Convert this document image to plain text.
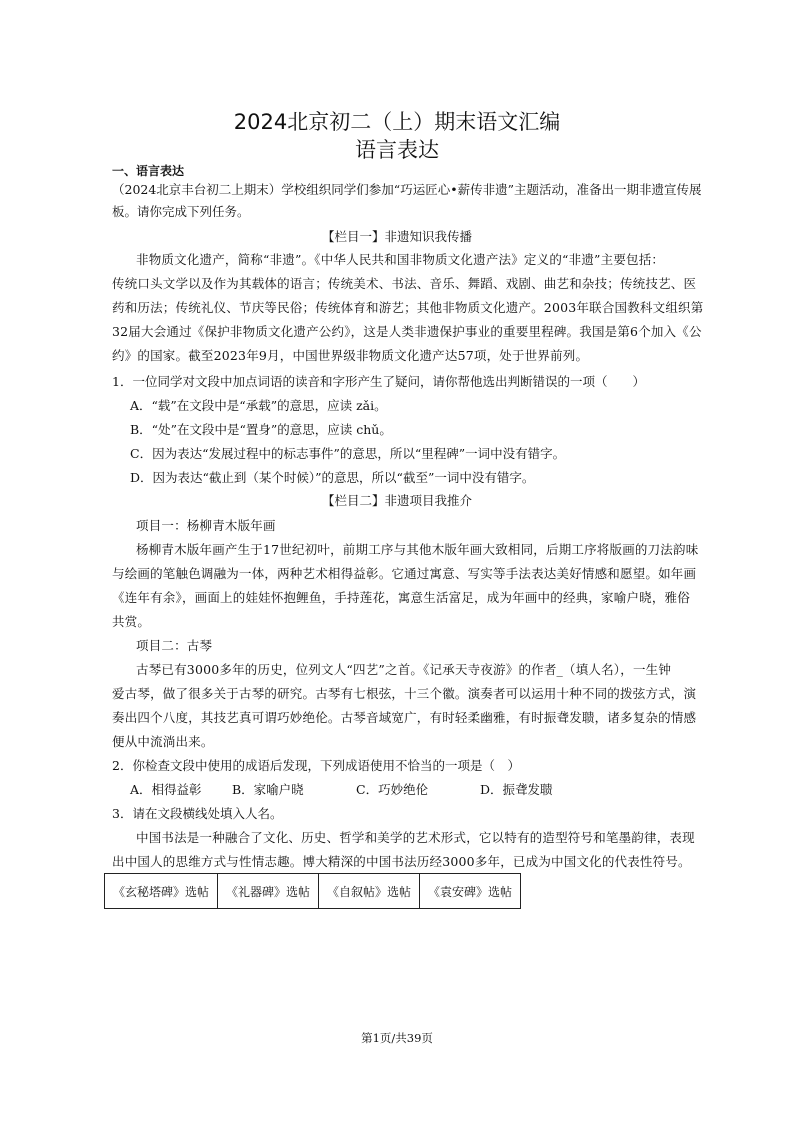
2024北京初二（上）期末语文汇编
语言表达
一、语言表达
（2024北京丰台初二上期末）学校组织同学们参加“巧运匠心•薪传非遗”主题活动，准备出一期非遗宣传展
板。请你完成下列任务。
【栏目一】非遗知识我传播
非物质文化遗产，简称“非遗”。《中华人民共和国非物质文化遗产法》定义的“非遗”主要包括：
传统口头文学以及作为其载体的语言；传统美术、书法、音乐、舞蹈、戏剧、曲艺和杂技；传统技艺、医
药和历法；传统礼仪、节庆等民俗；传统体育和游艺；其他非物质文化遗产。2003年联合国教科文组织第
32届大会通过《保护非物质文化遗产公约》，这是人类非遗保护事业的重要里程碑。我国是第6个加入《公
约》的国家。截至2023年9月，中国世界级非物质文化遗产达57项，处于世界前列。
1．一位同学对文段中加点词语的读音和字形产生了疑问，请你帮他选出判断错误的一项（　　）
A．“载”在文段中是“承载”的意思，应读 zǎi。
B．“处”在文段中是“置身”的意思，应读 chǔ。
C．因为表达“发展过程中的标志事件”的意思，所以“里程碑”一词中没有错字。
D．因为表达“截止到（某个时候）”的意思，所以“截至”一词中没有错字。
【栏目二】非遗项目我推介
项目一：杨柳青木版年画
杨柳青木版年画产生于17世纪初叶，前期工序与其他木版年画大致相同，后期工序将版画的刀法韵味
与绘画的笔触色调融为一体，两种艺术相得益彰。它通过寓意、写实等手法表达美好情感和愿望。如年画
《连年有余》，画面上的娃娃怀抱鲤鱼，手持莲花，寓意生活富足，成为年画中的经典，家喻户晓，雅俗
共赏。
项目二：古琴
古琴已有3000多年的历史，位列文人“四艺”之首。《记承天寺夜游》的作者_（填人名），一生钟
爱古琴，做了很多关于古琴的研究。古琴有七根弦，十三个徽。演奏者可以运用十种不同的拨弦方式，演
奏出四个八度，其技艺真可谓巧妙绝伦。古琴音域宽广，有时轻柔幽雅，有时振聋发聩，诸多复杂的情感
便从中流淌出来。
2．你检查文段中使用的成语后发现，下列成语使用不恰当的一项是（　）
A．相得益彰 B．家喻户晓	C．巧妙绝伦	D．振聋发聩
3．请在文段横线处填入人名。
中国书法是一种融合了文化、历史、哲学和美学的艺术形式，它以特有的造型符号和笔墨韵律，表现
出中国人的思维方式与性情志趣。博大精深的中国书法历经3000多年，已成为中国文化的代表性符号。
《玄秘塔碑》选帖	《礼器碑》选帖	《自叙帖》选帖	《袁安碑》选帖
第1页/共39页
